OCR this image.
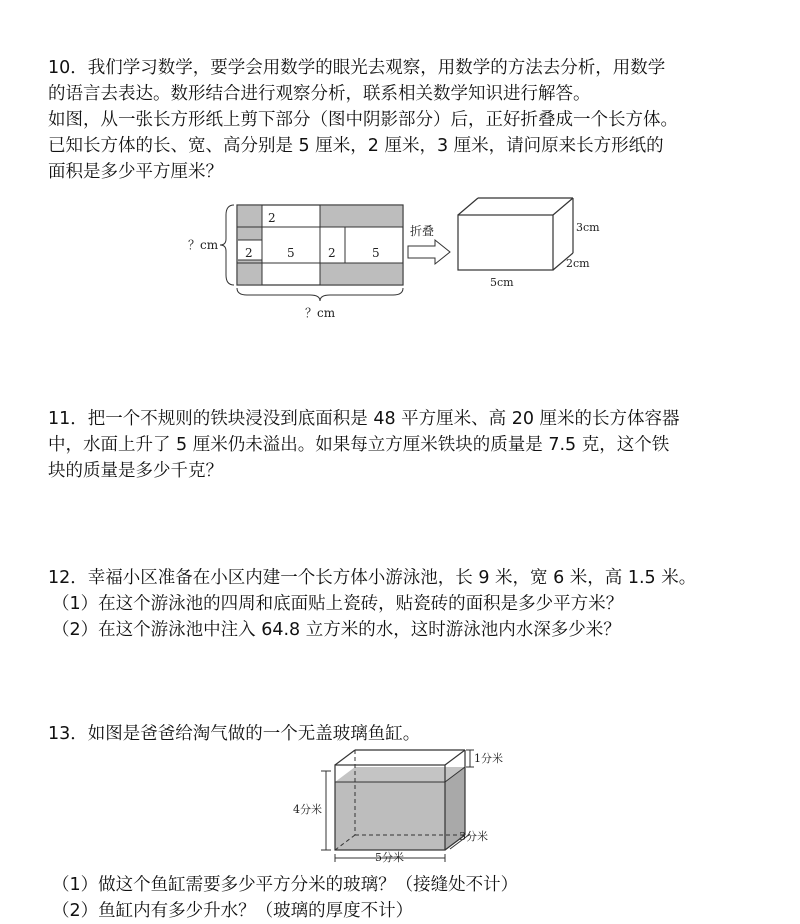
10．我们学习数学，要学会用数学的眼光去观察，用数学的方法去分析，用数学
的语言去表达。数形结合进行观察分析，联系相关数学知识进行解答。
如图，从一张长方形纸上剪下部分（图中阴影部分）后，正好折叠成一个长方体。
已知长方体的长、宽、高分别是 5 厘米，2 厘米，3 厘米，请问原来长方形纸的
面积是多少平方厘米？
2
2	5	2	5
？cm
？cm
折叠	3cm
2cm
5cm
11．把一个不规则的铁块浸没到底面积是 48 平方厘米、高 20 厘米的长方体容器
中，水面上升了 5 厘米仍未溢出。如果每立方厘米铁块的质量是 7.5 克，这个铁
块的质量是多少千克？
12．幸福小区准备在小区内建一个长方体小游泳池，长 9 米，宽 6 米，高 1.5 米。
（1）在这个游泳池的四周和底面贴上瓷砖，贴瓷砖的面积是多少平方米？
（2）在这个游泳池中注入 64.8 立方米的水，这时游泳池内水深多少米？
13．如图是爸爸给淘气做的一个无盖玻璃鱼缸。
1分米
4分米
3分米
5分米
（1）做这个鱼缸需要多少平方分米的玻璃？（接缝处不计）
（2）鱼缸内有多少升水？（玻璃的厚度不计）
